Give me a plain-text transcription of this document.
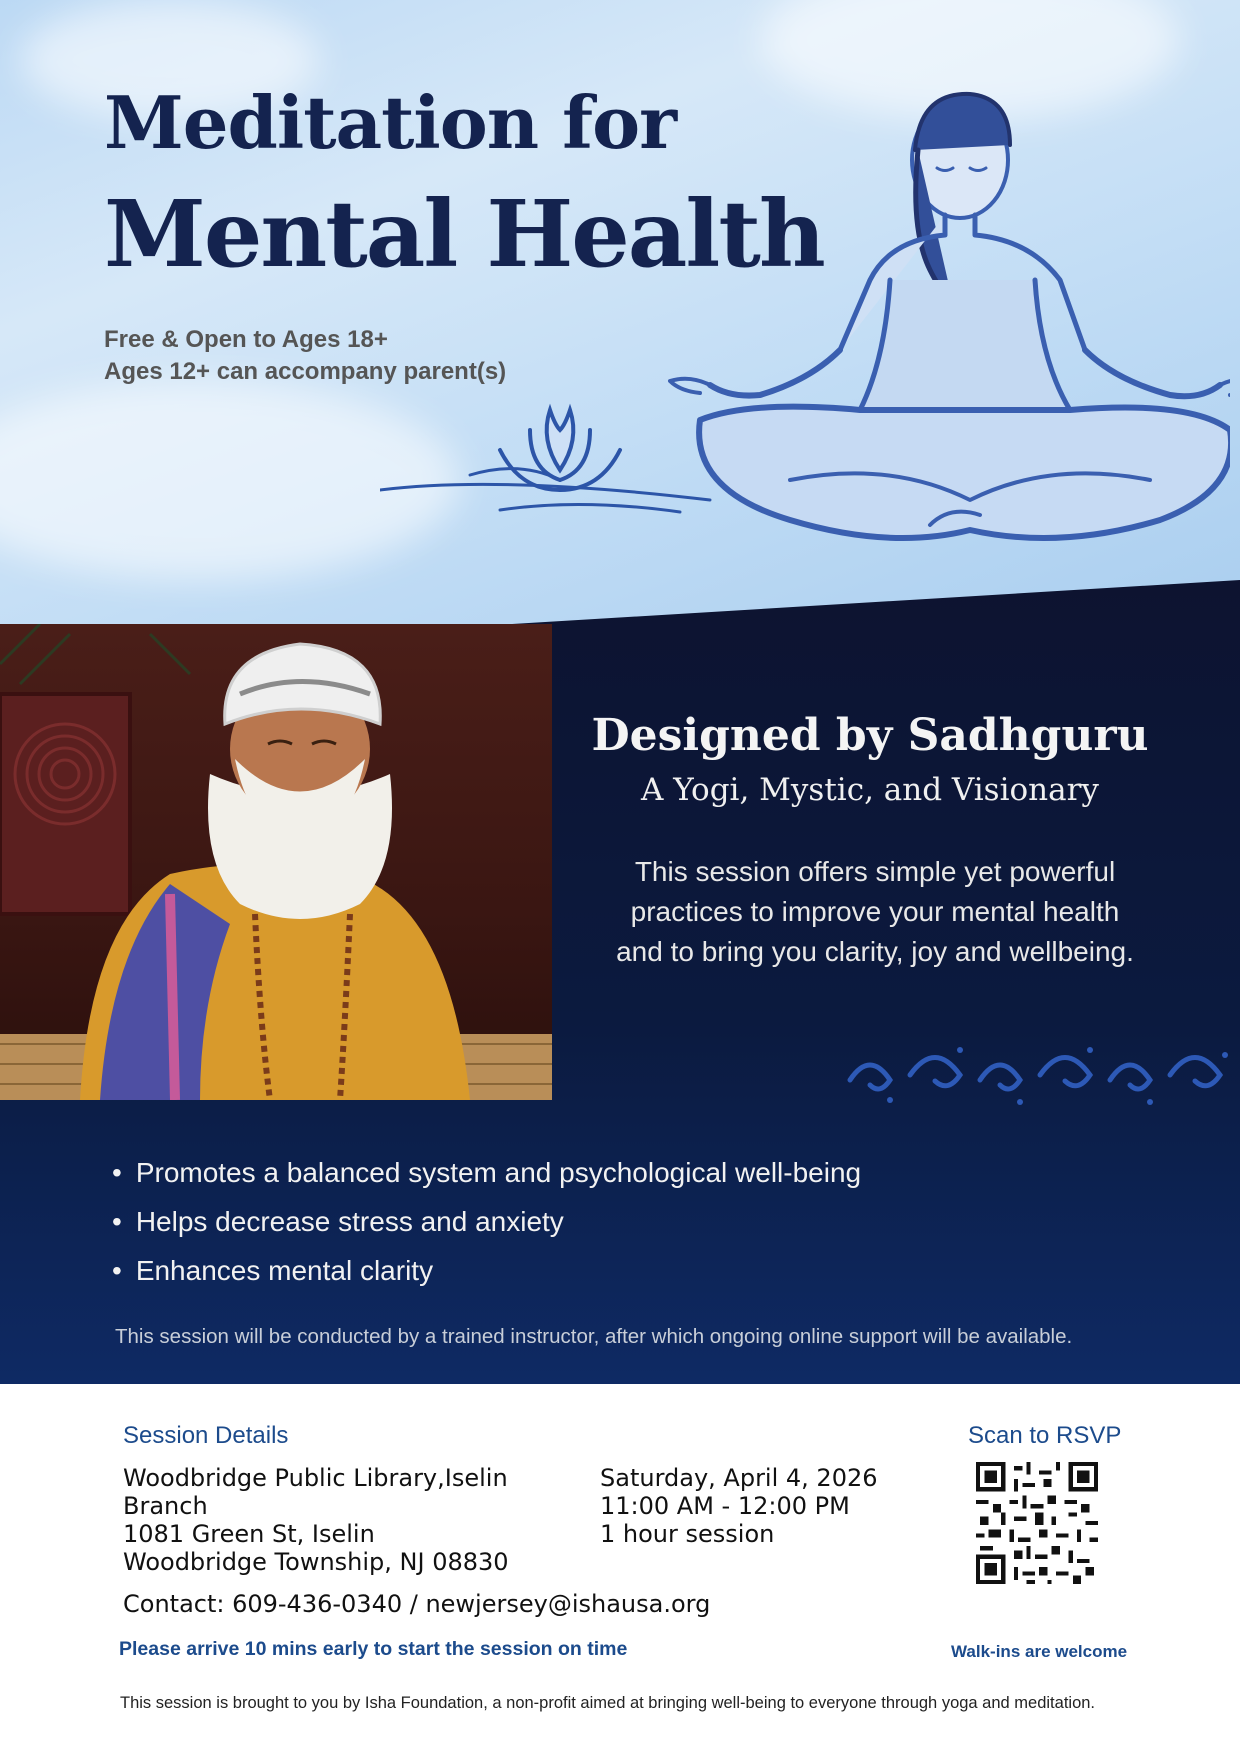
Meditation for
Mental Health
Free & Open to Ages 18+
Ages 12+ can accompany parent(s)
Designed by Sadhguru
A Yogi, Mystic, and Visionary
This session offers simple yet powerful
practices to improve your mental health
and to bring you clarity, joy and wellbeing.
• Promotes a balanced system and psychological well-being
• Helps decrease stress and anxiety
• Enhances mental clarity
This session will be conducted by a trained instructor, after which ongoing online support will be available.
Session Details
Woodbridge Public Library,Iselin
Branch
1081 Green St, Iselin
Woodbridge Township, NJ 08830
Saturday, April 4, 2026
11:00 AM - 12:00 PM
1 hour session
Contact: 609-436-0340 / newjersey@ishausa.org
Please arrive 10 mins early to start the session on time
Scan to RSVP
Walk-ins are welcome
This session is brought to you by Isha Foundation, a non-profit aimed at bringing well-being to everyone through yoga and meditation.
